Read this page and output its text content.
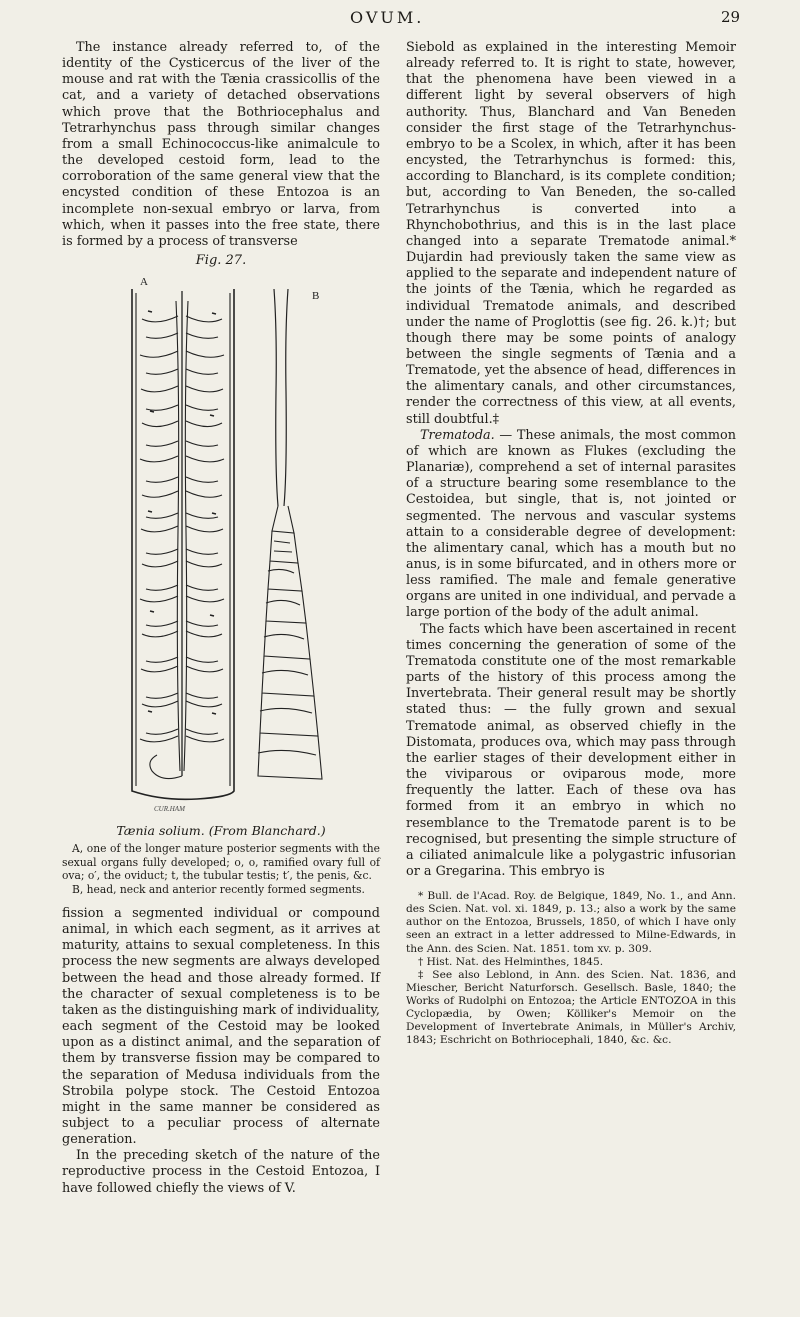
OVUM.	29

The instance already referred to, of the identity of the Cysticercus of the liver of the mouse and rat with the Tænia crassicollis of the cat, and a variety of detached observations which prove that the Bothriocephalus and Tetrarhynchus pass through similar changes from a small Echinococcus-like animalcule to the developed cestoid form, lead to the corroboration of the same general view that the encysted condition of these Entozoa is an incomplete non-sexual embryo or larva, from which, when it passes into the free state, there is formed by a process of transverse

Fig. 27.
A
B
CUR.HAM
Tænia solium. (From Blanchard.)

A, one of the longer mature posterior segments with the sexual organs fully developed; o, o, ramified ovary full of ova; o′, the oviduct; t, the tubular testis; t′, the penis, &c.

B, head, neck and anterior recently formed segments.

fission a segmented individual or compound animal, in which each segment, as it arrives at maturity, attains to sexual completeness. In this process the new segments are always developed between the head and those already formed. If the character of sexual completeness is to be taken as the distinguishing mark of individuality, each segment of the Cestoid may be looked upon as a distinct animal, and the separation of them by transverse fission may be compared to the separation of Medusa individuals from the Strobila polype stock. The Cestoid Entozoa might in the same manner be considered as subject to a peculiar process of alternate generation.

In the preceding sketch of the nature of the reproductive process in the Cestoid Entozoa, I have followed chiefly the views of V.

Siebold as explained in the interesting Memoir already referred to. It is right to state, however, that the phenomena have been viewed in a different light by several observers of high authority. Thus, Blanchard and Van Beneden consider the first stage of the Tetrarhynchus-embryo to be a Scolex, in which, after it has been encysted, the Tetrarhynchus is formed: this, according to Blanchard, is its complete condition; but, according to Van Beneden, the so-called Tetrarhynchus is converted into a Rhynchobothrius, and this is in the last place changed into a separate Trematode animal.* Dujardin had previously taken the same view as applied to the separate and independent nature of the joints of the Tænia, which he regarded as individual Trematode animals, and described under the name of Proglottis (see fig. 26. k.)†; but though there may be some points of analogy between the single segments of Tænia and a Trematode, yet the absence of head, differences in the alimentary canals, and other circumstances, render the correctness of this view, at all events, still doubtful.‡

Trematoda. — These animals, the most common of which are known as Flukes (excluding the Planariæ), comprehend a set of internal parasites of a structure bearing some resemblance to the Cestoidea, but single, that is, not jointed or segmented. The nervous and vascular systems attain to a considerable degree of development: the alimentary canal, which has a mouth but no anus, is in some bifurcated, and in others more or less ramified. The male and female generative organs are united in one individual, and pervade a large portion of the body of the adult animal.

The facts which have been ascertained in recent times concerning the generation of some of the Trematoda constitute one of the most remarkable parts of the history of this process among the Invertebrata. Their general result may be shortly stated thus: — the fully grown and sexual Trematode animal, as observed chiefly in the Distomata, produces ova, which may pass through the earlier stages of their development either in the viviparous or oviparous mode, more frequently the latter. Each of these ova has formed from it an embryo in which no resemblance to the Trematode parent is to be recognised, but presenting the simple structure of a ciliated animalcule like a polygastric infusorian or a Gregarina. This embryo is

* Bull. de l'Acad. Roy. de Belgique, 1849, No. 1., and Ann. des Scien. Nat. vol. xi. 1849, p. 13.; also a work by the same author on the Entozoa, Brussels, 1850, of which I have only seen an extract in a letter addressed to Milne-Edwards, in the Ann. des Scien. Nat. 1851. tom xv. p. 309.

† Hist. Nat. des Helminthes, 1845.

‡ See also Leblond, in Ann. des Scien. Nat. 1836, and Miescher, Bericht Naturforsch. Gesellsch. Basle, 1840; the Works of Rudolphi on Entozoa; the Article ENTOZOA in this Cyclopædia, by Owen; Kölliker's Memoir on the Development of Invertebrate Animals, in Müller's Archiv, 1843; Eschricht on Bothriocephali, 1840, &c. &c.
